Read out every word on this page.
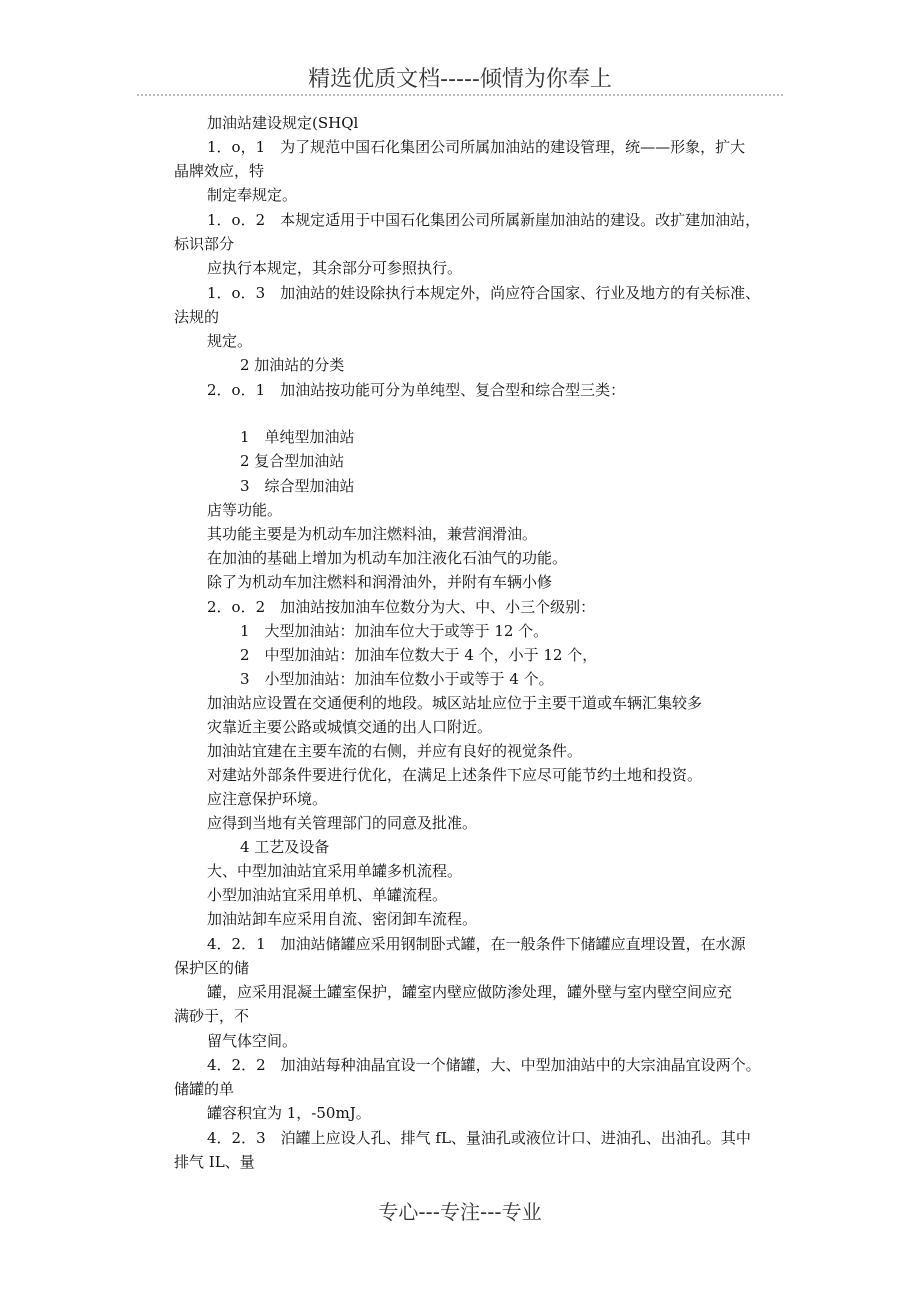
精选优质文档-----倾情为你奉上
加油站建设规定(SHQl
1．o，1　为了规范中国石化集团公司所属加油站的建设管理，统——形象，扩大
晶牌效应，特
制定奉规定。
1．o．2　本规定适用于中国石化集团公司所属新崖加油站的建设。改扩建加油站，
标识部分
应执行本规定，其余部分可参照执行。
1．o．3　加油站的娃设除执行本规定外，尚应符合国家、行业及地方的有关标准、
法规的
规定。
2 加油站的分类
2．o．1　加油站按功能可分为单纯型、复合型和综合型三类：
1　单纯型加油站
2 复合型加油站
3　综合型加油站
店等功能。
其功能主要是为机动车加注燃料油，兼营润滑油。
在加油的基础上增加为机动车加注液化石油气的功能。
除了为机动车加注燃料和润滑油外，并附有车辆小修
2．o．2　加油站按加油车位数分为大、中、小三个级别：
1　大型加油站：加油车位大于或等于 12 个。
2　中型加油站：加油车位数大于 4 个，小于 12 个，
3　小型加油站：加油车位数小于或等于 4 个。
加油站应设置在交通便利的地段。城区站址应位于主要干道或车辆汇集较多
灾靠近主要公路或城慎交通的出人口附近。
加油站宜建在主要车流的右侧，并应有良好的视觉条件。
对建站外部条件要进行优化，在满足上述条件下应尽可能节约土地和投资。
应注意保护环境。
应得到当地有关管理部门的同意及批准。
4 工艺及设备
大、中型加油站宜采用单罐多机流程。
小型加油站宜采用单机、单罐流程。
加油站卸车应采用自流、密闭卸车流程。
4．2．1　加油站储罐应采用钢制卧式罐，在一般条件下储罐应直埋设置，在水源
保护区的储
罐，应采用混凝土罐室保护，罐室内壁应做防渗处理，罐外壁与室内壁空间应充
满砂于，不
留气体空间。
4．2．2　加油站每种油晶宜设一个储罐，大、中型加油站中的大宗油晶宜设两个。
储罐的单
罐容积宜为 1，-50mJ。
4．2．3　泊罐上应设人孔、排气 fL、量油孔或液位计口、进油孔、出油孔。其中
排气 IL、量
专心---专注---专业
